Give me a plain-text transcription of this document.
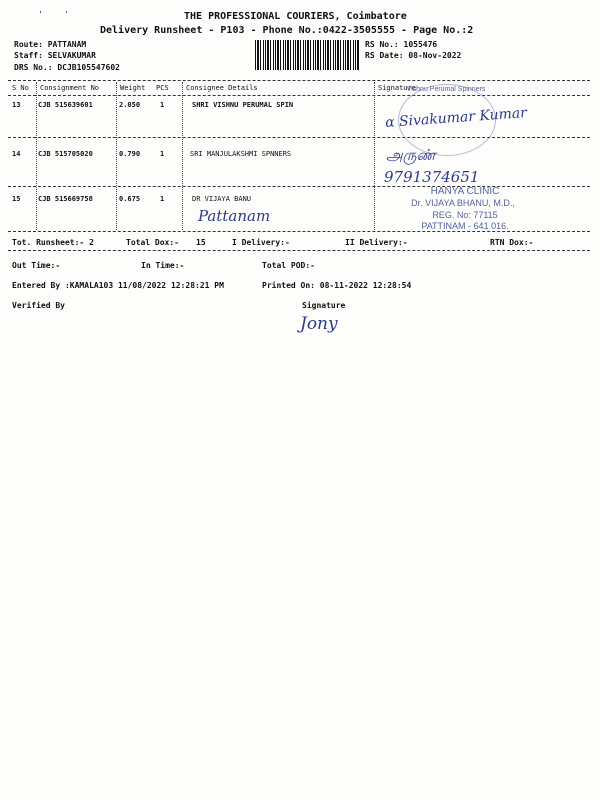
'	'	THE PROFESSIONAL COURIERS, Coimbatore
Delivery Runsheet - P103 - Phone No.:0422-3505555 - Page No.:2
Route: PATTANAM
Staff: SELVAKUMAR
DRS No.: DCJB105547602
RS No.: 1055476
RS Date: 08-Nov-2022
S No Consignment No	Weight PCS Consignee Details	Signature
13	CJB 515639601	2.050	1	SHRI VISHNU PERUMAL SPIN
Vishnu Perumal Spinners
α Sivakumar Kumar
14	CJB 515705020	0.790	1	SRI MANJULAKSHMI SPNNERS	அருண்
9791374651
15	CJB 515669758	0.675	1	DR VIJAYA BANU
Pattanam
HANYA CLINIC
Dr. VIJAYA BHANU, M.D.,
REG. No: 77115
PATTINAM - 641 016.
Tot. Runsheet:- 2	Total Dox:- 15	I Delivery:-	II Delivery:-	RTN Dox:-
Out Time:-	In Time:-	Total POD:-
Entered By :KAMALA103 11/08/2022 12:28:21 PM	Printed On: 08-11-2022 12:28:54
Verified By	Signature
Jony
